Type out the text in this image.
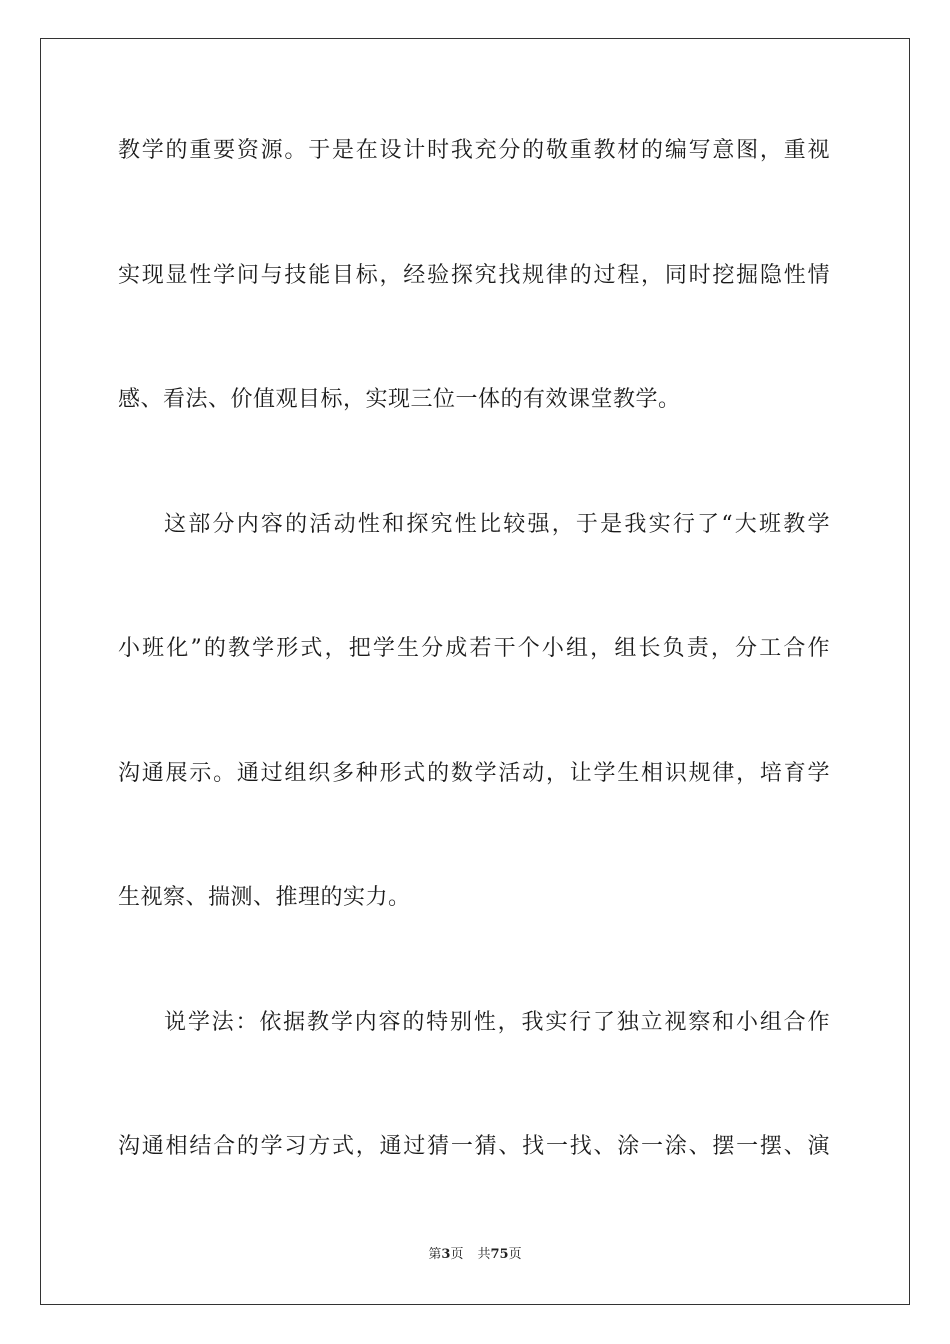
教学的重要资源。于是在设计时我充分的敬重教材的编写意图，重视
实现显性学问与技能目标，经验探究找规律的过程，同时挖掘隐性情
感、看法、价值观目标，实现三位一体的有效课堂教学。
这部分内容的活动性和探究性比较强，于是我实行了“大班教学
小班化”的教学形式，把学生分成若干个小组，组长负责，分工合作
沟通展示。通过组织多种形式的数学活动，让学生相识规律，培育学
生视察、揣测、推理的实力。
说学法：依据教学内容的特别性，我实行了独立视察和小组合作
沟通相结合的学习方式，通过猜一猜、找一找、涂一涂、摆一摆、演
第3页 共75页
